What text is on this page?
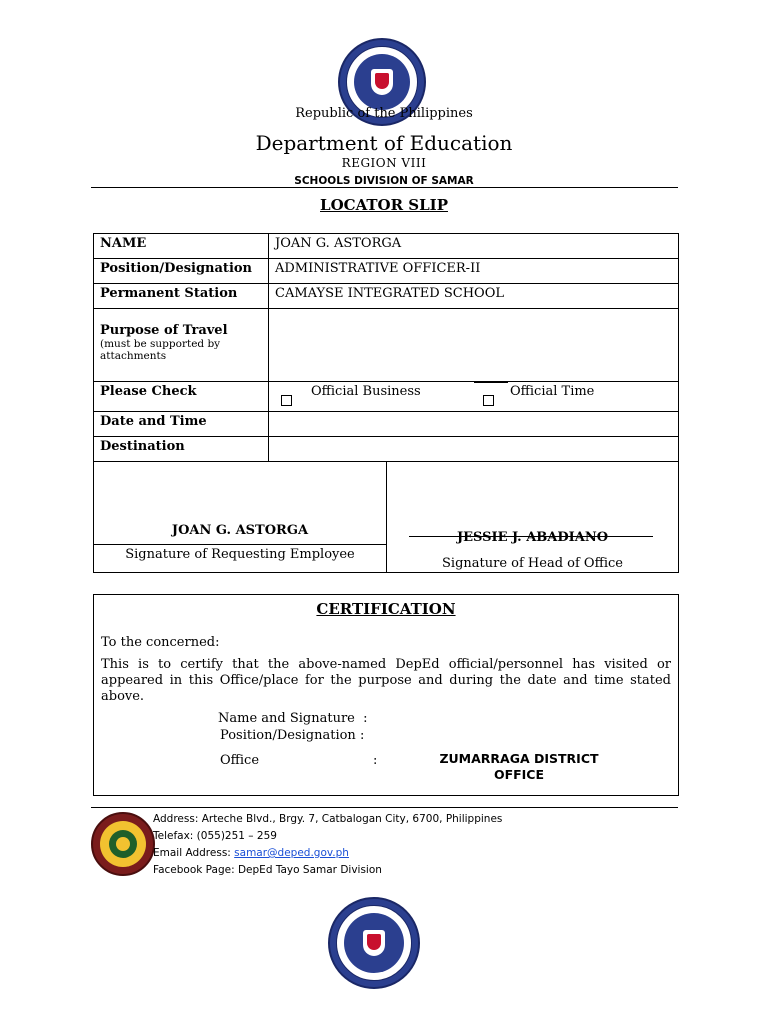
Republic of the Philippines
Department of Education
REGION VIII
SCHOOLS DIVISION OF SAMAR
LOCATOR SLIP
NAME	JOAN G. ASTORGA
Position/Designation	ADMINISTRATIVE OFFICER-II
Permanent Station	CAMAYSE INTEGRATED SCHOOL

Purpose of Travel
(must be supported by attachments	

Please Check	Official Business Official Time

Date and Time	
Destination	
JOAN G. ASTORGA
Signature of Requesting Employee
JESSIE J. ABADIANO
Signature of Head of Office
CERTIFICATION
To the concerned:
This is to certify that the above-named DepEd official/personnel has visited or appeared in this Office/place for the purpose and during the date and time stated above.
Name and Signature  :
Position/Designation :
Office	:	ZUMARRAGA DISTRICT OFFICE
Address: Arteche Blvd., Brgy. 7, Catbalogan City, 6700, Philippines
Telefax: (055)251 – 259
Email Address: samar@deped.gov.ph
Facebook Page: DepEd Tayo Samar Division
